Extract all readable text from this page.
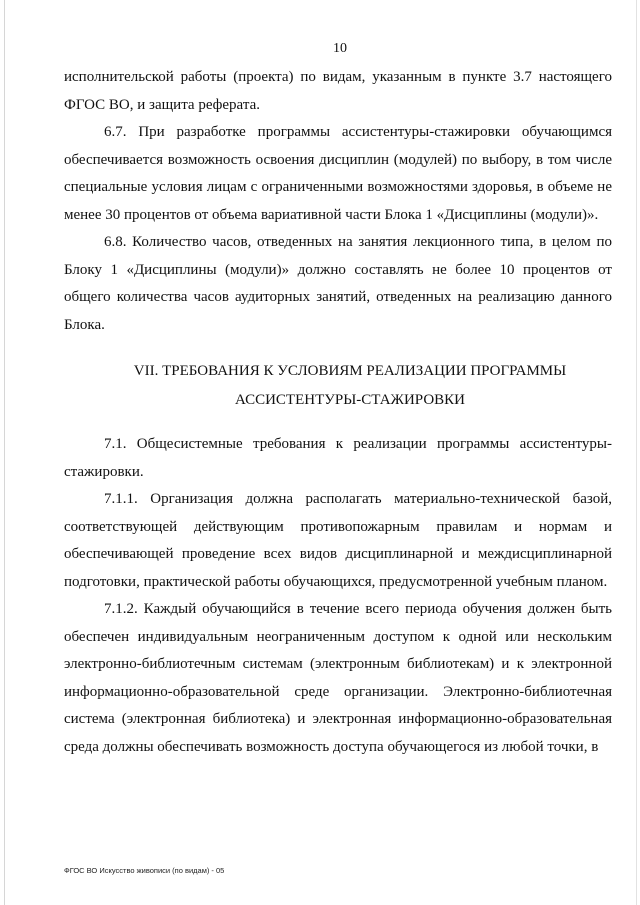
10

исполнительской работы (проекта) по видам, указанным в пункте 3.7 настоящего ФГОС ВО, и защита реферата.

6.7. При разработке программы ассистентуры-стажировки обучающимся обеспечивается возможность освоения дисциплин (модулей) по выбору, в том числе специальные условия лицам с ограниченными возможностями здоровья, в объеме не менее 30 процентов от объема вариативной части Блока 1 «Дисциплины (модули)».

6.8. Количество часов, отведенных на занятия лекционного типа, в целом по Блоку 1 «Дисциплины (модули)» должно составлять не более 10 процентов от общего количества часов аудиторных занятий, отведенных на реализацию данного Блока.

VII. ТРЕБОВАНИЯ К УСЛОВИЯМ РЕАЛИЗАЦИИ ПРОГРАММЫ
АССИСТЕНТУРЫ-СТАЖИРОВКИ

7.1. Общесистемные требования к реализации программы ассистентуры-стажировки.

7.1.1. Организация должна располагать материально-технической базой, соответствующей действующим противопожарным правилам и нормам и обеспечивающей проведение всех видов дисциплинарной и междисциплинарной подготовки, практической работы обучающихся, предусмотренной учебным планом.

7.1.2. Каждый обучающийся в течение всего периода обучения должен быть обеспечен индивидуальным неограниченным доступом к одной или нескольким электронно-библиотечным системам (электронным библиотекам) и к электронной информационно-образовательной среде организации. Электронно-библиотечная система (электронная библиотека) и электронная информационно-образовательная среда должны обеспечивать возможность доступа обучающегося из любой точки, в

ФГОС ВО Искусство живописи (по видам) - 05
